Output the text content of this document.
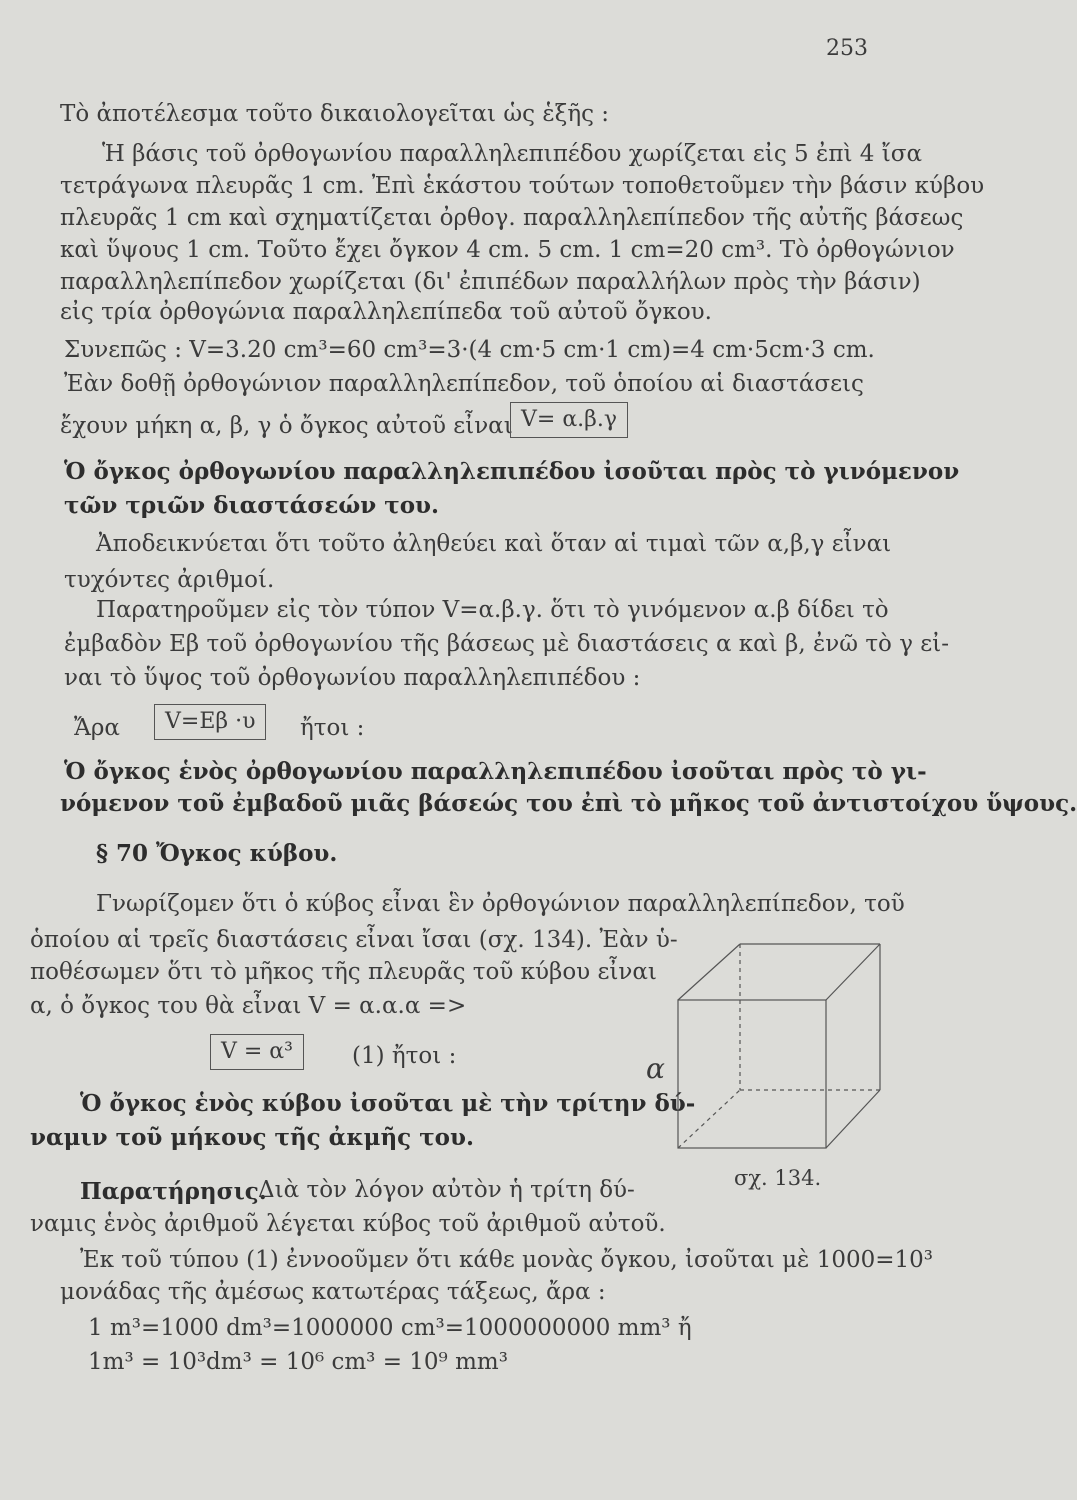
253
Τὸ ἀποτέλεσμα τοῦτο δικαιολογεῖται ὡς ἑξῆς :
Ἡ βάσις τοῦ ὀρθογωνίου παραλληλεπιπέδου χωρίζεται εἰς 5 ἐπὶ 4 ἴσα
τετράγωνα πλευρᾶς 1 cm. Ἐπὶ ἑκάστου τούτων τοποθετοῦμεν τὴν βάσιν κύβου
πλευρᾶς 1 cm καὶ σχηματίζεται ὀρθογ. παραλληλεπίπεδον τῆς αὐτῆς βάσεως
καὶ ὕψους 1 cm. Τοῦτο ἔχει ὄγκον 4 cm. 5 cm. 1 cm=20 cm³. Τὸ ὀρθογώνιον
παραλληλεπίπεδον χωρίζεται (δι' ἐπιπέδων παραλλήλων πρὸς τὴν βάσιν)
εἰς τρία ὀρθογώνια παραλληλεπίπεδα τοῦ αὐτοῦ ὄγκου.
Συνεπῶς : V=3.20 cm³=60 cm³=3·(4 cm·5 cm·1 cm)=4 cm·5cm·3 cm.
Ἐὰν δοθῇ ὀρθογώνιον παραλληλεπίπεδον, τοῦ ὁποίου αἱ διαστάσεις
ἔχουν μήκη α, β, γ ὁ ὄγκος αὐτοῦ εἶναι V= α.β.γ
Ὁ ὄγκος ὀρθογωνίου παραλληλεπιπέδου ἰσοῦται πρὸς τὸ γινόμενον
τῶν τριῶν διαστάσεών του.
Ἀποδεικνύεται ὅτι τοῦτο ἀληθεύει καὶ ὅταν αἱ τιμαὶ τῶν α,β,γ εἶναι
τυχόντες ἀριθμοί.
Παρατηροῦμεν εἰς τὸν τύπον V=α.β.γ. ὅτι τὸ γινόμενον α.β δίδει τὸ
ἐμβαδὸν Eβ τοῦ ὀρθογωνίου τῆς βάσεως μὲ διαστάσεις α καὶ β, ἐνῶ τὸ γ εἰ-
ναι τὸ ὕψος τοῦ ὀρθογωνίου παραλληλεπιπέδου :
Ἄρα	V=Eβ ·υ	ἤτοι :
Ὁ ὄγκος ἑνὸς ὀρθογωνίου παραλληλεπιπέδου ἰσοῦται πρὸς τὸ γι-
νόμενον τοῦ ἐμβαδοῦ μιᾶς βάσεώς του ἐπὶ τὸ μῆκος τοῦ ἀντιστοίχου ὕψους.
§ 70 Ὄγκος κύβου.
Γνωρίζομεν ὅτι ὁ κύβος εἶναι ἓν ὀρθογώνιον παραλληλεπίπεδον, τοῦ
ὁποίου αἱ τρεῖς διαστάσεις εἶναι ἴσαι (σχ. 134). Ἐὰν ὑ-
ποθέσωμεν ὅτι τὸ μῆκος τῆς πλευρᾶς τοῦ κύβου εἶναι
α, ὁ ὄγκος του θὰ εἶναι V = α.α.α =>
V = α³	(1) ἤτοι :
Ὁ ὄγκος ἑνὸς κύβου ἰσοῦται μὲ τὴν τρίτην δύ-
ναμιν τοῦ μήκους τῆς ἀκμῆς του.
Παρατήρησις.
Διὰ τὸν λόγον αὐτὸν ἡ τρίτη δύ-
ναμις ἑνὸς ἀριθμοῦ λέγεται κύβος τοῦ ἀριθμοῦ αὐτοῦ.
Ἐκ τοῦ τύπου (1) ἐννοοῦμεν ὅτι κάθε μονὰς ὄγκου, ἰσοῦται μὲ 1000=10³
μονάδας τῆς ἀμέσως κατωτέρας τάξεως, ἄρα :
1 m³=1000 dm³=1000000 cm³=1000000000 mm³ ἤ
1m³ = 10³dm³ = 10⁶ cm³ = 10⁹ mm³
α
σχ. 134.
